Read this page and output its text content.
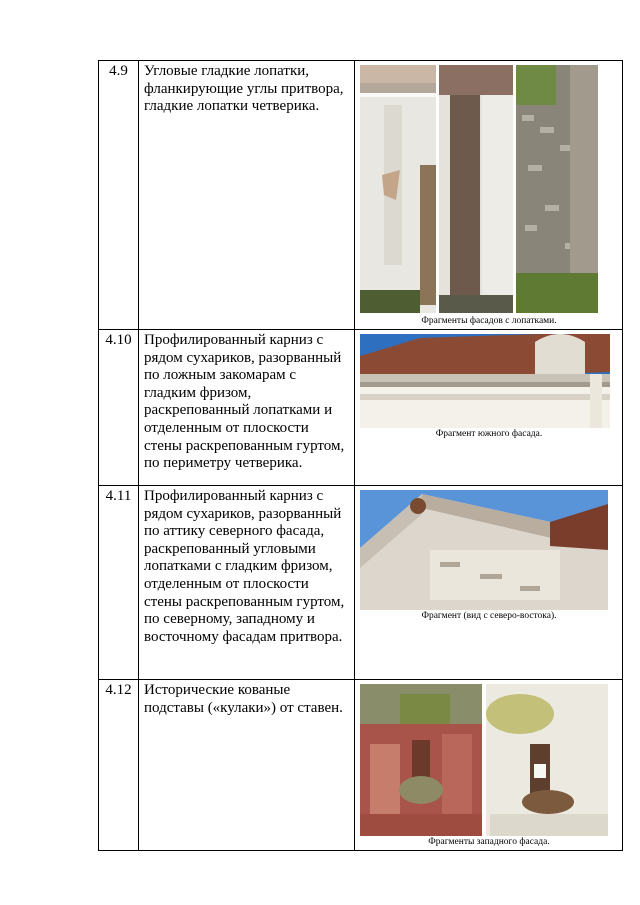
4.9	Угловые гладкие лопатки, фланкирующие углы притвора, гладкие лопатки четверика.	Фрагменты фасадов с лопатками.

4.10	Профилированный карниз с рядом сухариков, разорванный по ложным закомарам с гладким фризом, раскрепованный лопатками и отделенным от плоскости стены раскрепованным гуртом, по периметру четверика.	Фрагмент южного фасада.

4.11	Профилированный карниз с рядом сухариков, разорванный по аттику северного фасада, раскрепованный угловыми лопатками с гладким фризом, отделенным от плоскости стены раскрепованным гуртом, по северному, западному и восточному фасадам притвора.	Фрагмент (вид с северо-востока).

4.12	Исторические кованые подставы («кулаки») от ставен.	Фрагменты западного фасада.
